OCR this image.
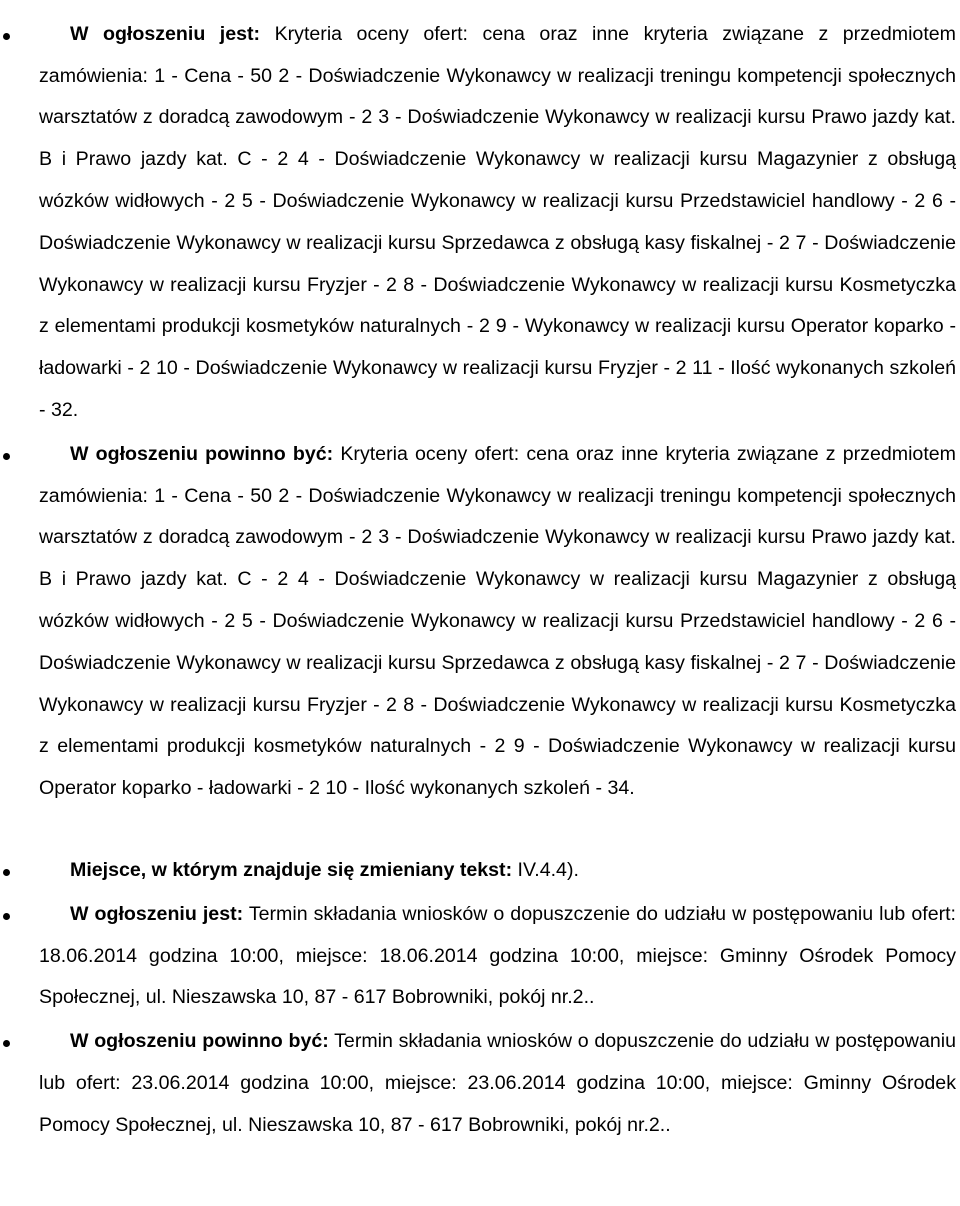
W ogłoszeniu jest: Kryteria oceny ofert: cena oraz inne kryteria związane z przedmiotem zamówienia: 1 - Cena - 50 2 - Doświadczenie Wykonawcy w realizacji treningu kompetencji społecznych warsztatów z doradcą zawodowym - 2 3 - Doświadczenie Wykonawcy w realizacji kursu Prawo jazdy kat. B i Prawo jazdy kat. C - 2 4 - Doświadczenie Wykonawcy w realizacji kursu Magazynier z obsługą wózków widłowych - 2 5 - Doświadczenie Wykonawcy w realizacji kursu Przedstawiciel handlowy - 2 6 - Doświadczenie Wykonawcy w realizacji kursu Sprzedawca z obsługą kasy fiskalnej - 2 7 - Doświadczenie Wykonawcy w realizacji kursu Fryzjer - 2 8 - Doświadczenie Wykonawcy w realizacji kursu Kosmetyczka z elementami produkcji kosmetyków naturalnych - 2 9 - Wykonawcy w realizacji kursu Operator koparko - ładowarki - 2 10 - Doświadczenie Wykonawcy w realizacji kursu Fryzjer - 2 11 - Ilość wykonanych szkoleń - 32.
W ogłoszeniu powinno być: Kryteria oceny ofert: cena oraz inne kryteria związane z przedmiotem zamówienia: 1 - Cena - 50 2 - Doświadczenie Wykonawcy w realizacji treningu kompetencji społecznych warsztatów z doradcą zawodowym - 2 3 - Doświadczenie Wykonawcy w realizacji kursu Prawo jazdy kat. B i Prawo jazdy kat. C - 2 4 - Doświadczenie Wykonawcy w realizacji kursu Magazynier z obsługą wózków widłowych - 2 5 - Doświadczenie Wykonawcy w realizacji kursu Przedstawiciel handlowy - 2 6 - Doświadczenie Wykonawcy w realizacji kursu Sprzedawca z obsługą kasy fiskalnej - 2 7 - Doświadczenie Wykonawcy w realizacji kursu Fryzjer - 2 8 - Doświadczenie Wykonawcy w realizacji kursu Kosmetyczka z elementami produkcji kosmetyków naturalnych - 2 9 - Doświadczenie Wykonawcy w realizacji kursu Operator koparko - ładowarki - 2 10 - Ilość wykonanych szkoleń - 34.
Miejsce, w którym znajduje się zmieniany tekst: IV.4.4).
W ogłoszeniu jest: Termin składania wniosków o dopuszczenie do udziału w postępowaniu lub ofert: 18.06.2014 godzina 10:00, miejsce: 18.06.2014 godzina 10:00, miejsce: Gminny Ośrodek Pomocy Społecznej, ul. Nieszawska 10, 87 - 617 Bobrowniki, pokój nr.2..
W ogłoszeniu powinno być: Termin składania wniosków o dopuszczenie do udziału w postępowaniu lub ofert: 23.06.2014 godzina 10:00, miejsce: 23.06.2014 godzina 10:00, miejsce: Gminny Ośrodek Pomocy Społecznej, ul. Nieszawska 10, 87 - 617 Bobrowniki, pokój nr.2..
